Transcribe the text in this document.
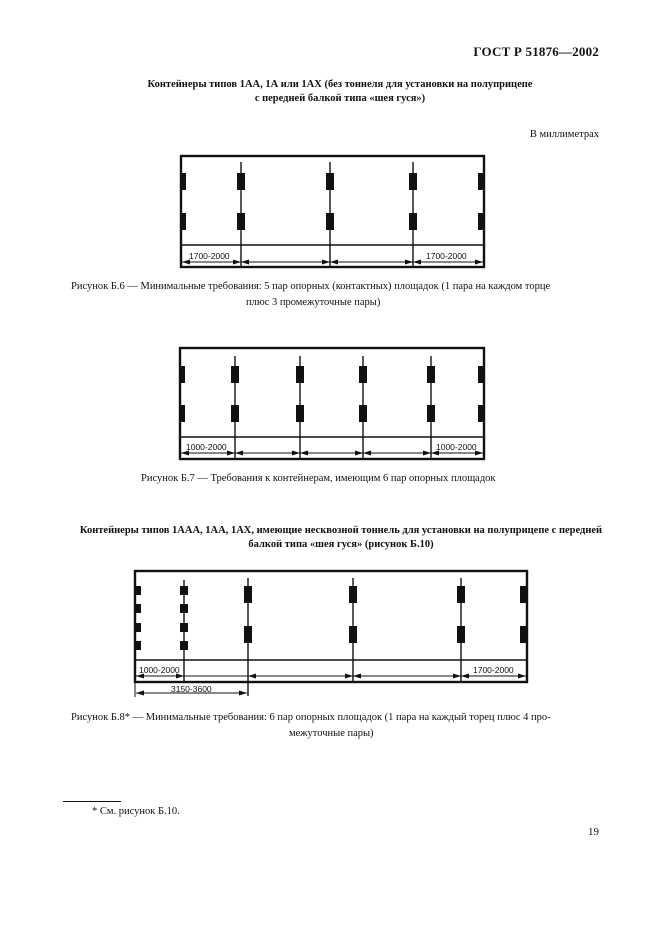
ГОСТ Р 51876—2002
Контейнеры типов 1АА, 1А или 1АХ (без тоннеля для установки на полуприцепе
с передней балкой типа «шея гуся»)
В миллиметрах
1700-2000	1700-2000
Рисунок Б.6 — Минимальные требования: 5 пар опорных (контактных) площадок (1 пара на каждом торце
плюс 3 промежуточные пары)
1000-2000	1000-2000
Рисунок Б.7 — Требования к контейнерам, имеющим 6 пар опорных площадок
Контейнеры типов 1ААА, 1АА, 1АХ, имеющие несквозной тоннель для установки на полуприцепе с передней
балкой типа «шея гуся» (рисунок Б.10)
1000-2000	1700-2000
3150-3600
Рисунок Б.8* — Минимальные требования: 6 пар опорных площадок (1 пара на каждый торец плюс 4 про-
межуточные пары)
* См. рисунок Б.10.
19
